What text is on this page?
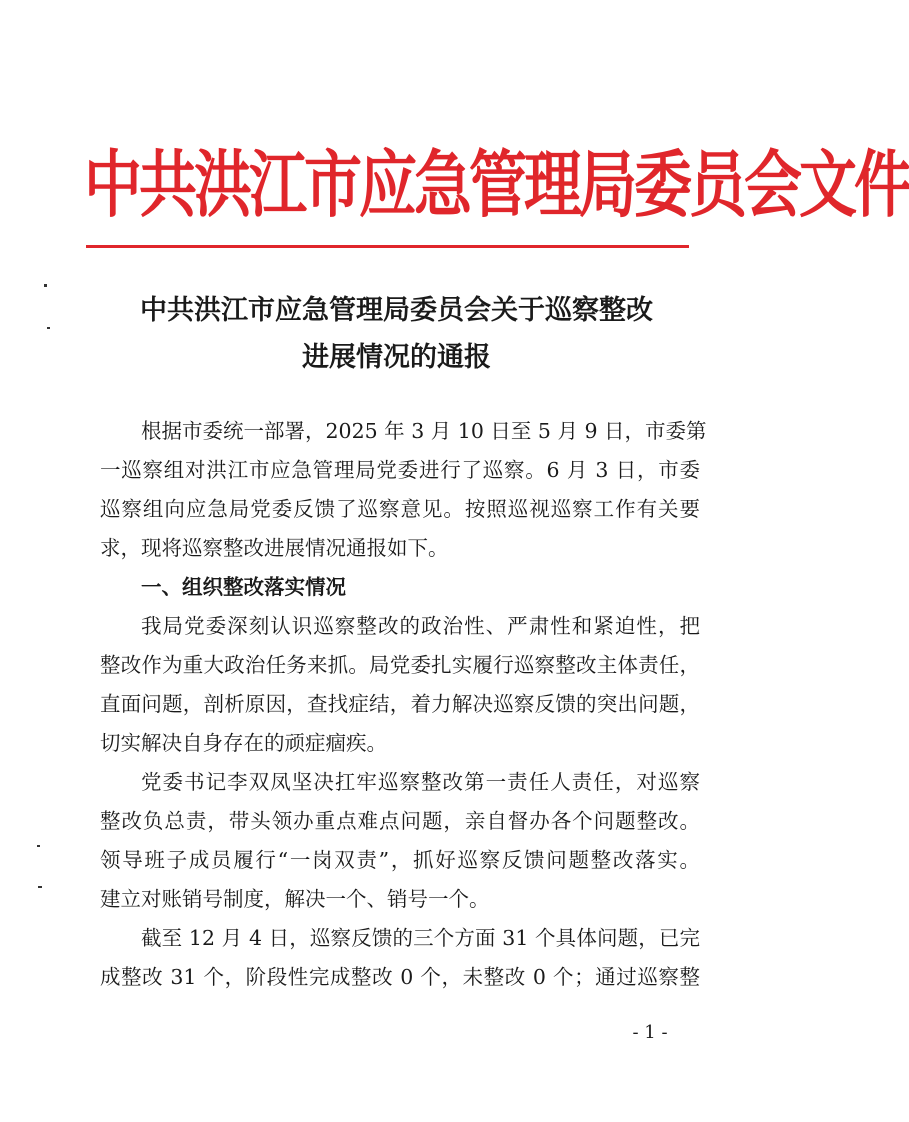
中共洪江市应急管理局委员会文件
中共洪江市应急管理局委员会关于巡察整改
进展情况的通报
根据市委统一部署，2025 年 3 月 10 日至 5 月 9 日，市委第
一巡察组对洪江市应急管理局党委进行了巡察。6 月 3 日，市委
巡察组向应急局党委反馈了巡察意见。按照巡视巡察工作有关要
求，现将巡察整改进展情况通报如下。
一、组织整改落实情况
我局党委深刻认识巡察整改的政治性、严肃性和紧迫性，把
整改作为重大政治任务来抓。局党委扎实履行巡察整改主体责任，
直面问题，剖析原因，查找症结，着力解决巡察反馈的突出问题，
切实解决自身存在的顽症痼疾。
党委书记李双凤坚决扛牢巡察整改第一责任人责任，对巡察
整改负总责，带头领办重点难点问题，亲自督办各个问题整改。
领导班子成员履行“一岗双责”，抓好巡察反馈问题整改落实。
建立对账销号制度，解决一个、销号一个。
截至 12 月 4 日，巡察反馈的三个方面 31 个具体问题，已完
成整改 31 个，阶段性完成整改 0 个，未整改 0 个；通过巡察整
- 1 -
